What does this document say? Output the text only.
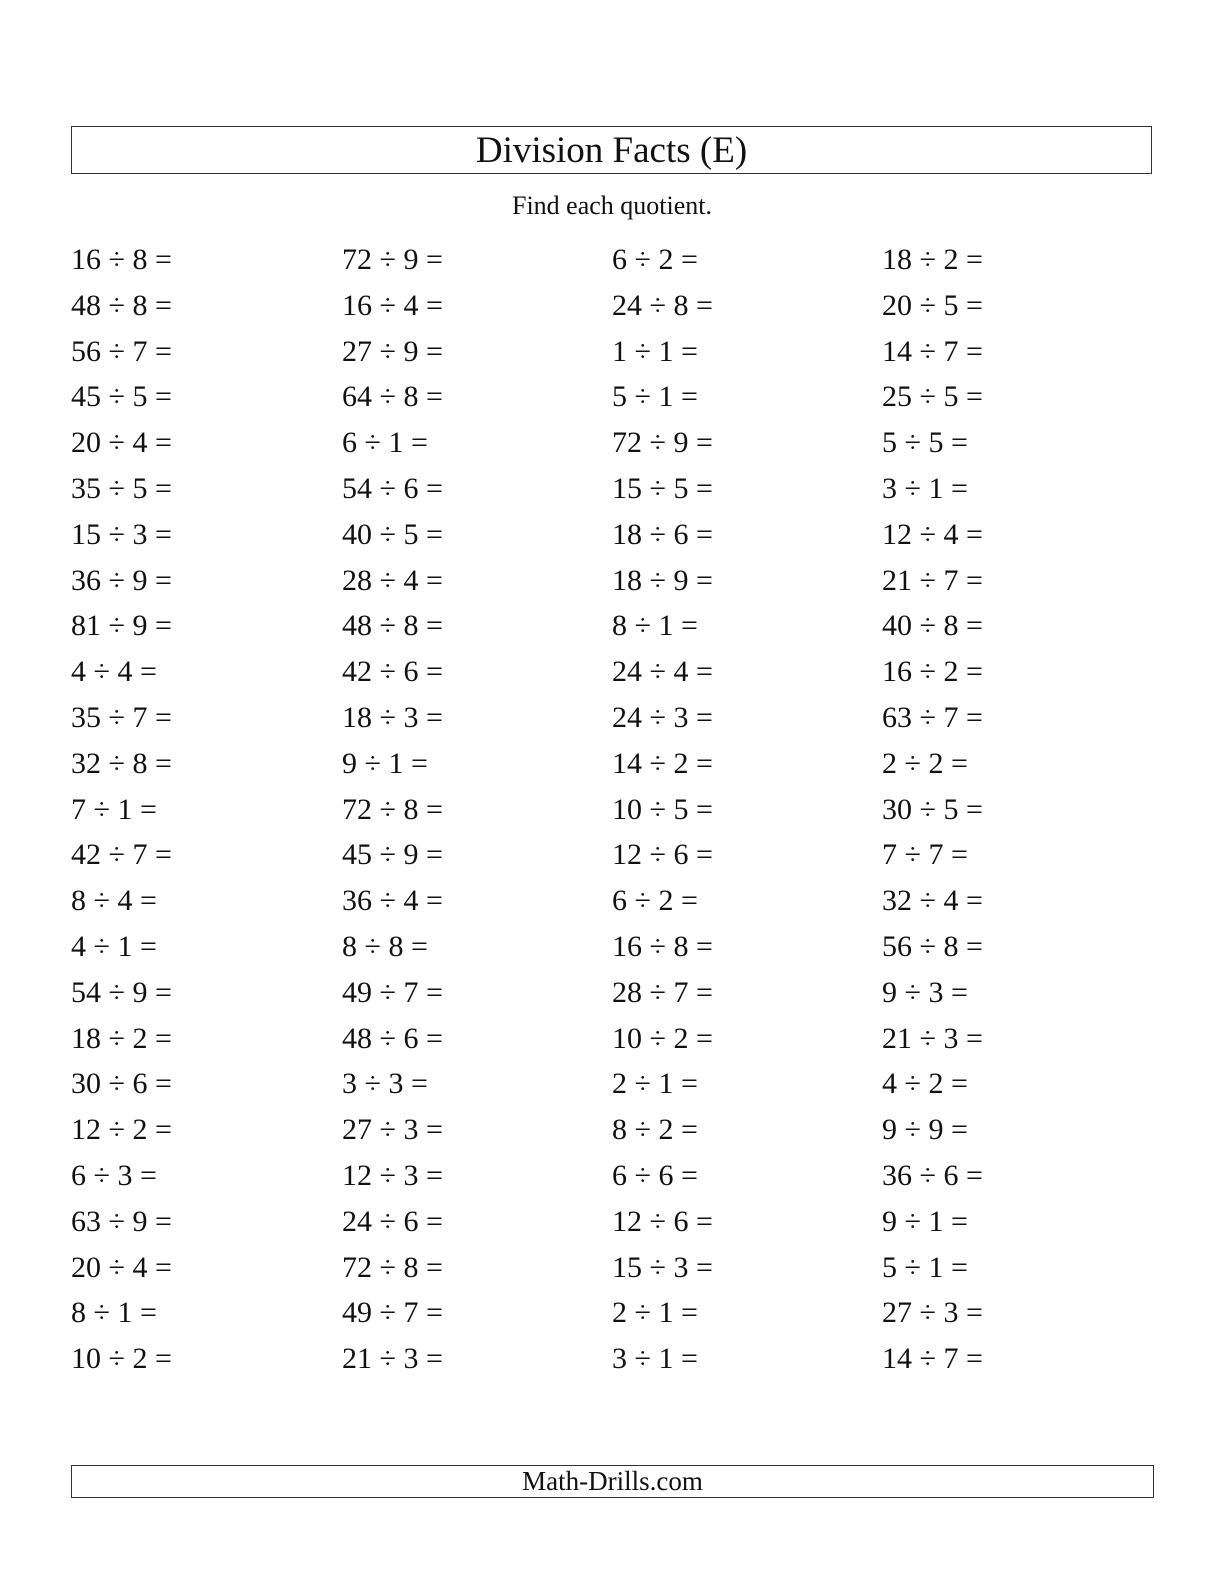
Division Facts (E)
Find each quotient.
16 ÷ 8 =
48 ÷ 8 =
56 ÷ 7 =
45 ÷ 5 =
20 ÷ 4 =
35 ÷ 5 =
15 ÷ 3 =
36 ÷ 9 =
81 ÷ 9 =
4 ÷ 4 =
35 ÷ 7 =
32 ÷ 8 =
7 ÷ 1 =
42 ÷ 7 =
8 ÷ 4 =
4 ÷ 1 =
54 ÷ 9 =
18 ÷ 2 =
30 ÷ 6 =
12 ÷ 2 =
6 ÷ 3 =
63 ÷ 9 =
20 ÷ 4 =
8 ÷ 1 =
10 ÷ 2 =
72 ÷ 9 =
16 ÷ 4 =
27 ÷ 9 =
64 ÷ 8 =
6 ÷ 1 =
54 ÷ 6 =
40 ÷ 5 =
28 ÷ 4 =
48 ÷ 8 =
42 ÷ 6 =
18 ÷ 3 =
9 ÷ 1 =
72 ÷ 8 =
45 ÷ 9 =
36 ÷ 4 =
8 ÷ 8 =
49 ÷ 7 =
48 ÷ 6 =
3 ÷ 3 =
27 ÷ 3 =
12 ÷ 3 =
24 ÷ 6 =
72 ÷ 8 =
49 ÷ 7 =
21 ÷ 3 =
6 ÷ 2 =
24 ÷ 8 =
1 ÷ 1 =
5 ÷ 1 =
72 ÷ 9 =
15 ÷ 5 =
18 ÷ 6 =
18 ÷ 9 =
8 ÷ 1 =
24 ÷ 4 =
24 ÷ 3 =
14 ÷ 2 =
10 ÷ 5 =
12 ÷ 6 =
6 ÷ 2 =
16 ÷ 8 =
28 ÷ 7 =
10 ÷ 2 =
2 ÷ 1 =
8 ÷ 2 =
6 ÷ 6 =
12 ÷ 6 =
15 ÷ 3 =
2 ÷ 1 =
3 ÷ 1 =
18 ÷ 2 =
20 ÷ 5 =
14 ÷ 7 =
25 ÷ 5 =
5 ÷ 5 =
3 ÷ 1 =
12 ÷ 4 =
21 ÷ 7 =
40 ÷ 8 =
16 ÷ 2 =
63 ÷ 7 =
2 ÷ 2 =
30 ÷ 5 =
7 ÷ 7 =
32 ÷ 4 =
56 ÷ 8 =
9 ÷ 3 =
21 ÷ 3 =
4 ÷ 2 =
9 ÷ 9 =
36 ÷ 6 =
9 ÷ 1 =
5 ÷ 1 =
27 ÷ 3 =
14 ÷ 7 =
Math-Drills.com
